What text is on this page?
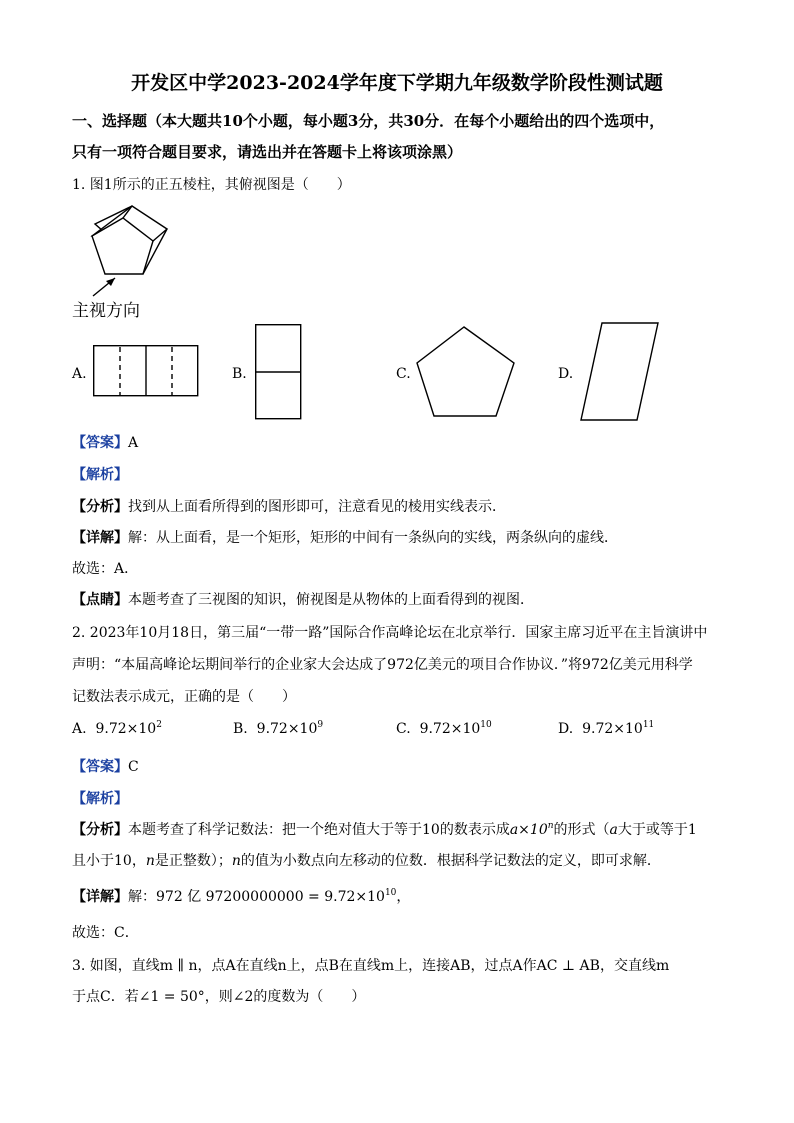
开发区中学2023-2024学年度下学期九年级数学阶段性测试题
一、选择题（本大题共10个小题，每小题3分，共30分．在每个小题给出的四个选项中，
只有一项符合题目要求，请选出并在答题卡上将该项涂黑）
1. 图1所示的正五棱柱，其俯视图是（　　）
主视方向
A.	B.	C.	D.
【答案】A
【解析】
【分析】找到从上面看所得到的图形即可，注意看见的棱用实线表示．
【详解】解：从上面看，是一个矩形，矩形的中间有一条纵向的实线，两条纵向的虚线．
故选：A．
【点睛】本题考查了三视图的知识，俯视图是从物体的上面看得到的视图．
2. 2023年10月18日，第三届“一带一路”国际合作高峰论坛在北京举行．国家主席习近平在主旨演讲中
声明：“本届高峰论坛期间举行的企业家大会达成了972亿美元的项目合作协议．”将972亿美元用科学
记数法表示成元，正确的是（　　）
A. $9.72\times 10^2$	B. $9.72\times 10^9$	C. $9.72\times 10^{10}$	D. $9.72\times 10^{11}$
【答案】C
【解析】
【分析】本题考查了科学记数法：把一个绝对值大于等于10的数表示成$a\times 10^n$的形式（a大于或等于1
且小于10，n是正整数）；n的值为小数点向左移动的位数．根据科学记数法的定义，即可求解．
【详解】解：972 亿 $97200000000 = 9.72\times 10^{10}$，
故选：C．
3. 如图，直线m ∥ n，点A在直线n上，点B在直线m上，连接AB，过点A作AC ⊥ AB，交直线m
于点C．若∠1 = 50°，则∠2的度数为（　　）
